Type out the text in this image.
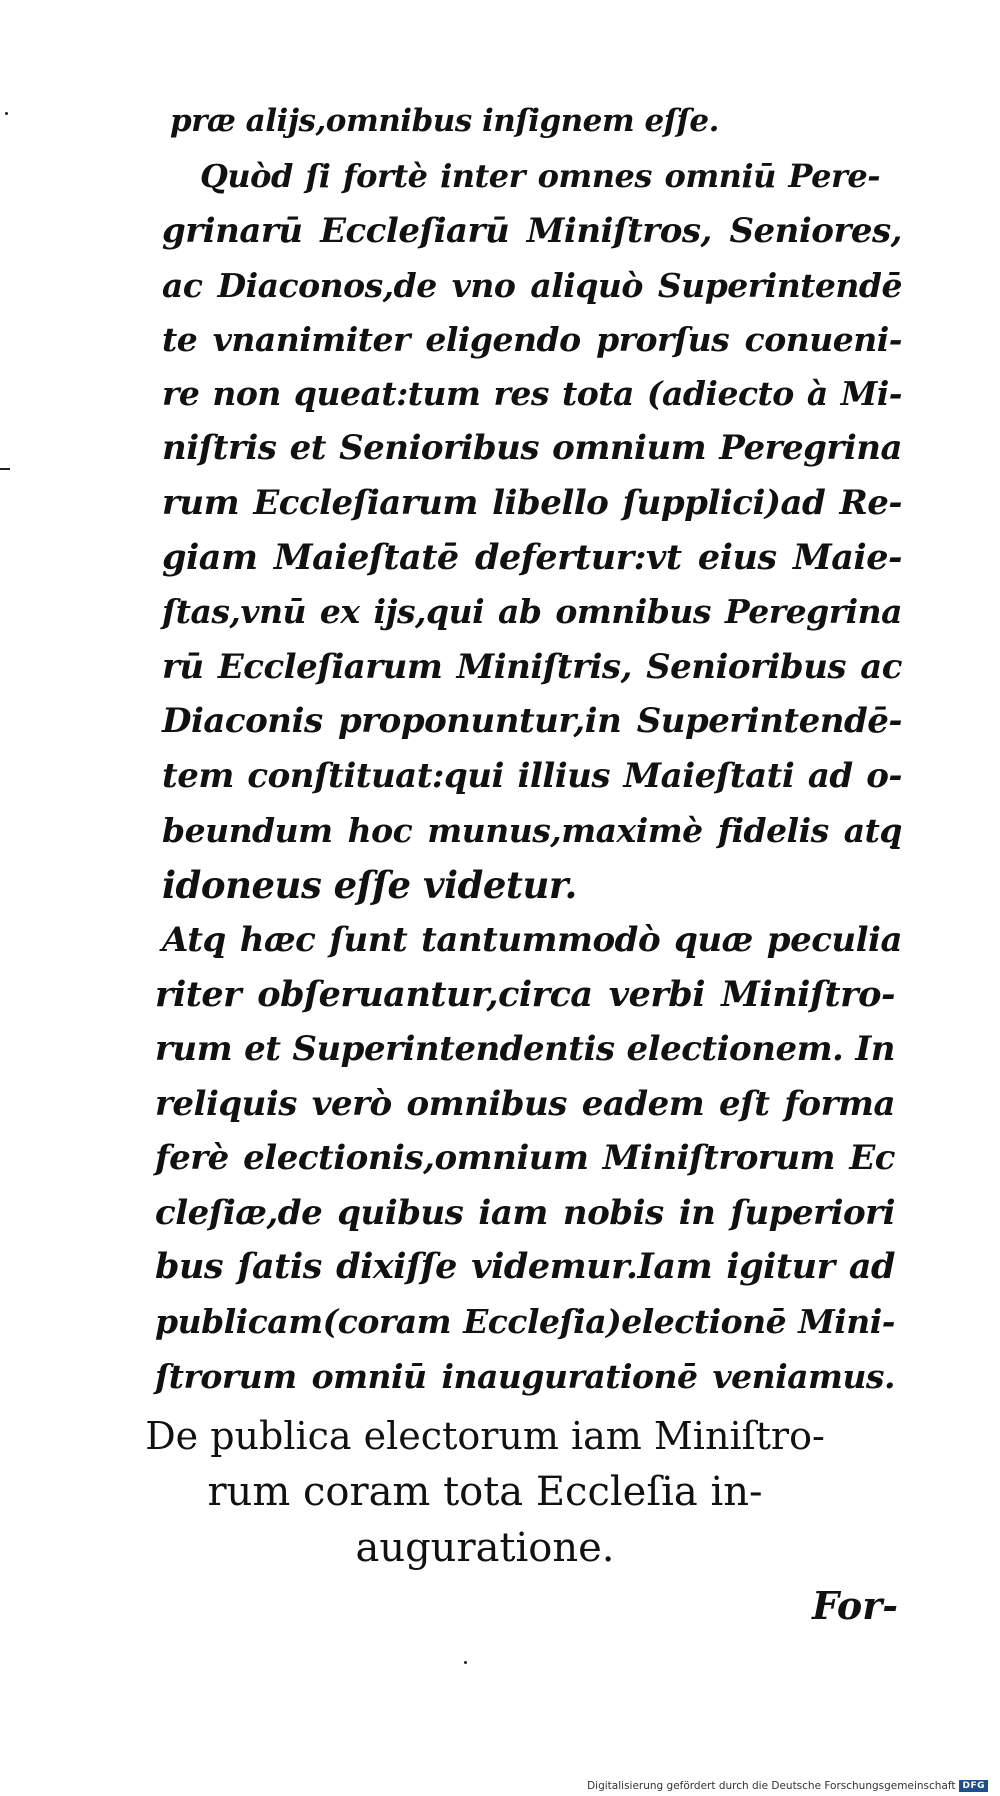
præ alijs,omnibus inſignem eſſe.
Quòd ſi fortè inter omnes omniū Pere-
grinarū Eccleſiarū Miniſtros, Seniores,
ac Diaconos,de vno aliquò Superintendē
te vnanimiter eligendo prorſus conueni-
re non queat:tum res tota (adiecto à Mi-
niſtris et Senioribus omnium Peregrina
rum Eccleſiarum libello ſupplici)ad Re-
giam Maieſtatē defertur:vt eius Maie-
ſtas,vnū ex ijs,qui ab omnibus Peregrina
rū Eccleſiarum Miniſtris, Senioribus ac
Diaconis proponuntur,in Superintendē-
tem conſtituat:qui illius Maieſtati ad o-
beundum hoc munus,maximè fidelis atq̧
idoneus eſſe videtur.
Atq̧ hæc ſunt tantummodò quæ peculia
riter obſeruantur,circa verbi Miniſtro-
rum et Superintendentis electionem. In
reliquis verò omnibus eadem eſt forma
ferè electionis,omnium Miniſtrorum Ec
cleſiæ,de quibus iam nobis in ſuperiori
bus ſatis dixiſſe videmur.Iam igitur ad
publicam(coram Eccleſia)electionē Mini-
ſtrorum omniū inaugurationē veniamus.
De publica electorum iam Miniſtro-
rum coram tota Eccleſia in-
auguratione.
For-
Digitalisierung gefördert durch die Deutsche Forschungsgemeinschaft DFG
